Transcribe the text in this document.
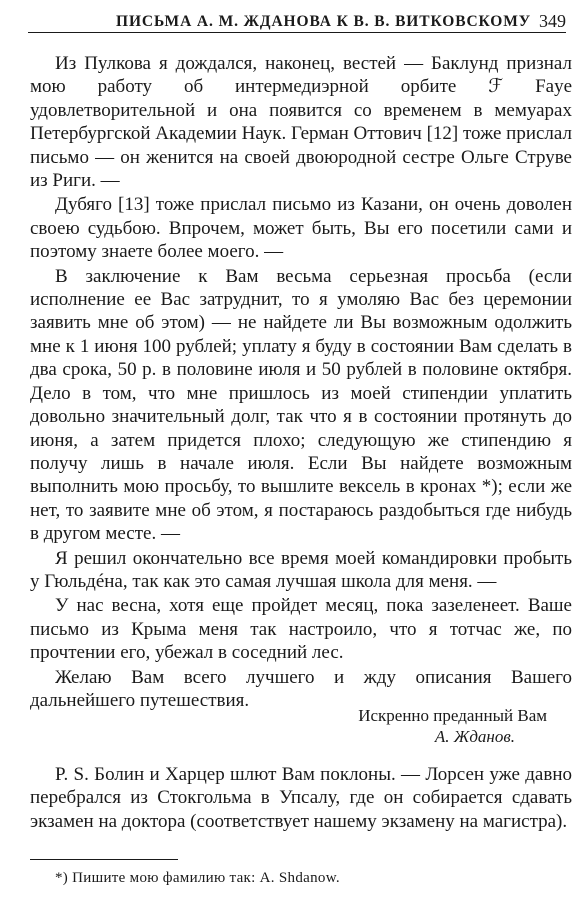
ПИСЬМА А. М. ЖДАНОВА К В. В. ВИТКОВСКОМУ 349

Из Пулкова я дождался, наконец, вестей — Баклунд признал мою работу об интермедиэрной орбите ℱ Faye удовлетворительной и она появится со временем в мемуарах Петербургской Академии Наук. Герман Оттович [12] тоже прислал письмо — он женится на своей двоюродной сестре Ольге Струве из Риги. —

Дубяго [13] тоже прислал письмо из Казани, он очень доволен своею судьбою. Впрочем, может быть, Вы его посетили сами и поэтому знаете более моего. —

В заключение к Вам весьма серьезная просьба (если исполнение ее Вас затруднит, то я умоляю Вас без церемонии заявить мне об этом) — не найдете ли Вы возможным одолжить мне к 1 июня 100 рублей; уплату я буду в состоянии Вам сделать в два срока, 50 р. в половине июля и 50 рублей в половине октября. Дело в том, что мне пришлось из моей стипендии уплатить довольно значительный долг, так что я в состоянии протянуть до июня, а затем придется плохо; следующую же стипендию я получу лишь в начале июля. Если Вы найдете возможным выполнить мою просьбу, то вышлите вексель в кронах *); если же нет, то заявите мне об этом, я постараюсь раздобыться где нибудь в другом месте. —

Я решил окончательно все время моей командировки пробыть у Гюльдéна, так как это самая лучшая школа для меня. —

У нас весна, хотя еще пройдет месяц, пока зазеленеет. Ваше письмо из Крыма меня так настроило, что я тотчас же, по прочтении его, убежал в соседний лес.

Желаю Вам всего лучшего и жду описания Вашего дальнейшего путешествия.

Искренно преданный Вам
А. Жданов.

P. S. Болин и Харцер шлют Вам поклоны. — Лорсен уже давно перебрался из Стокгольма в Упсалу, где он собирается сдавать экзамен на доктора (соответствует нашему экзамену на магистра).

*) Пишите мою фамилию так: A. Shdanow.
